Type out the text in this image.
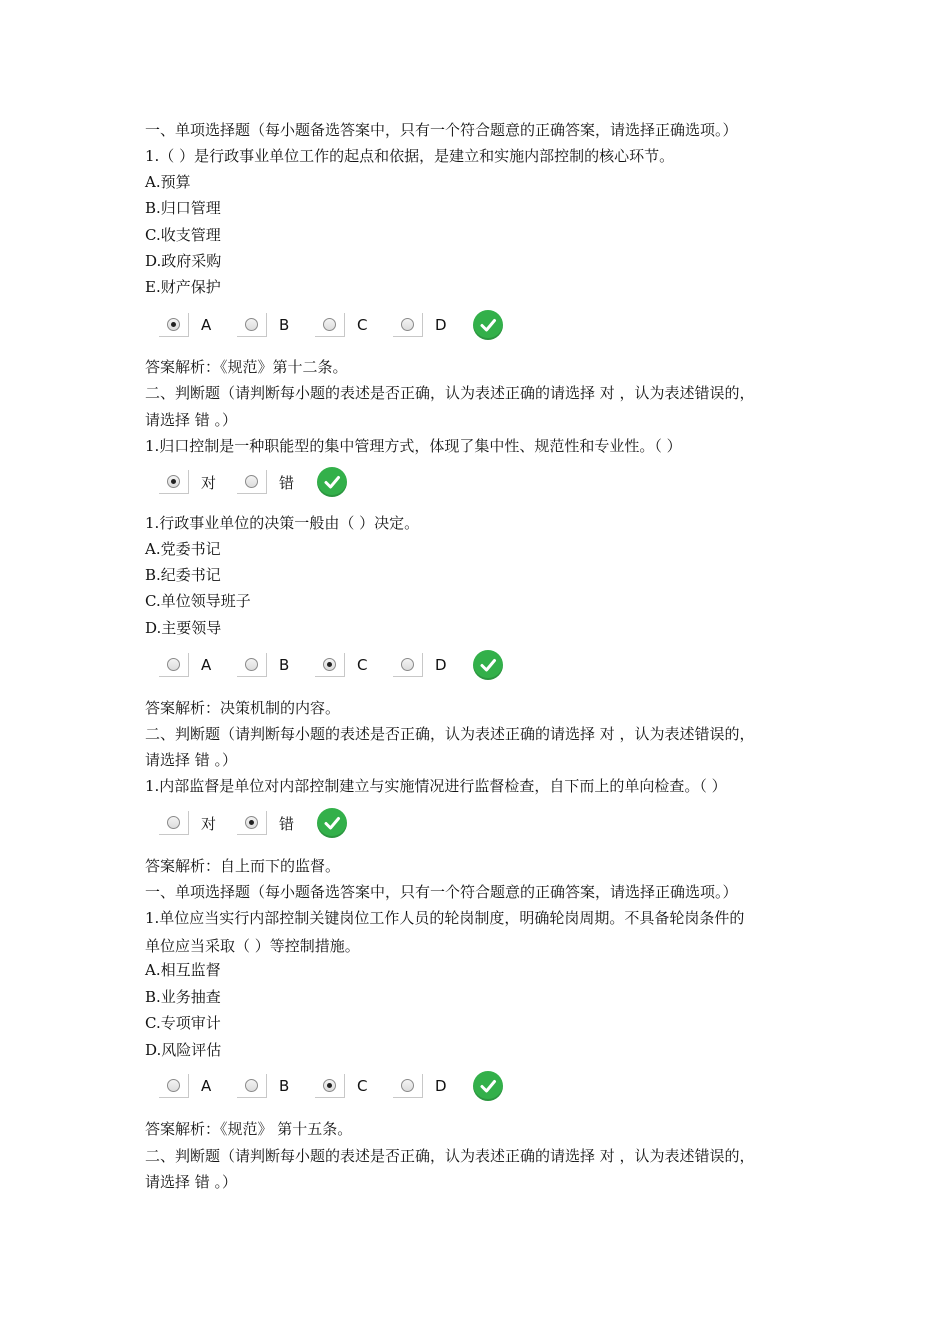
一、单项选择题（每小题备选答案中，只有一个符合题意的正确答案，请选择正确选项。）
1.（ ）是行政事业单位工作的起点和依据，是建立和实施内部控制的核心环节。
A.预算
B.归口管理
C.收支管理
D.政府采购
E.财产保护
答案解析：《规范》第十二条。
二、判断题（请判断每小题的表述是否正确，认为表述正确的请选择 对 ，认为表述错误的，
请选择 错 。）
1.归口控制是一种职能型的集中管理方式，体现了集中性、规范性和专业性。（ ）
1.行政事业单位的决策一般由（ ）决定。
A.党委书记
B.纪委书记
C.单位领导班子
D.主要领导
答案解析：决策机制的内容。
二、判断题（请判断每小题的表述是否正确，认为表述正确的请选择 对 ，认为表述错误的，
请选择 错 。）
1.内部监督是单位对内部控制建立与实施情况进行监督检查，自下而上的单向检查。（ ）
答案解析：自上而下的监督。
一、单项选择题（每小题备选答案中，只有一个符合题意的正确答案，请选择正确选项。）
1.单位应当实行内部控制关键岗位工作人员的轮岗制度，明确轮岗周期。不具备轮岗条件的
单位应当采取（ ）等控制措施。
A.相互监督
B.业务抽查
C.专项审计
D.风险评估
答案解析：《规范》 第十五条。
二、判断题（请判断每小题的表述是否正确，认为表述正确的请选择 对 ，认为表述错误的，
请选择 错 。）
A	B	C	D
对	错
A	B	C	D
对	错
A	B	C	D
